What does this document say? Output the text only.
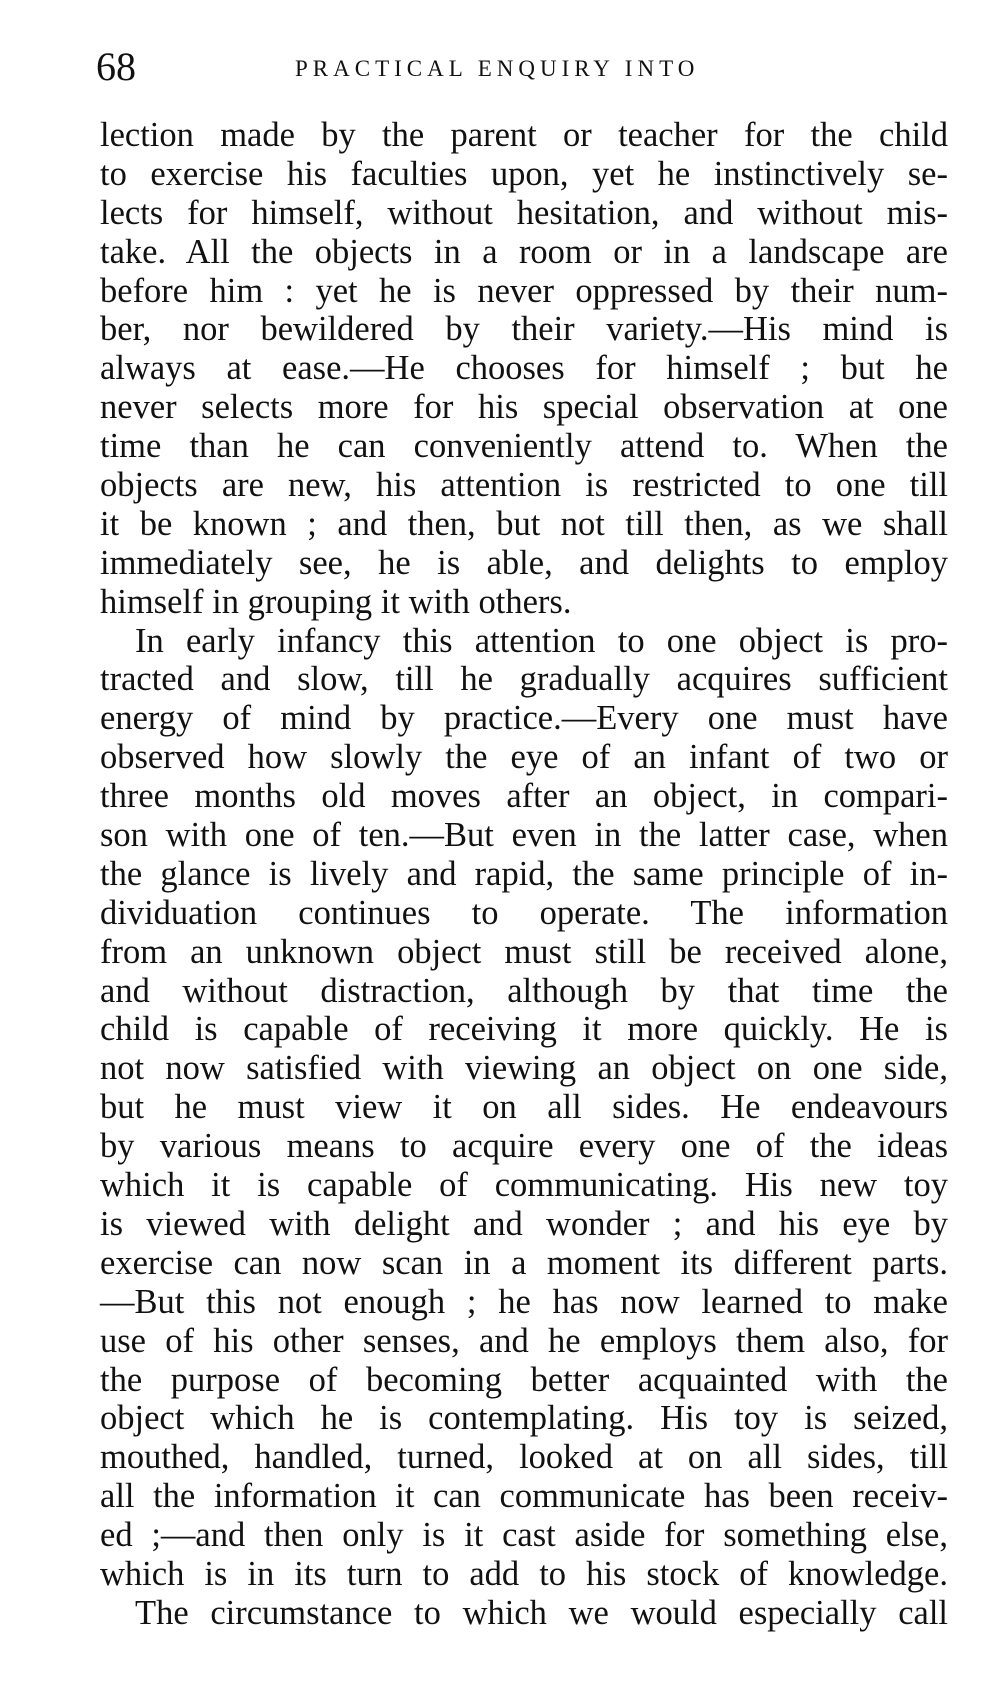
68	PRACTICAL ENQUIRY INTO
lection made by the parent or teacher for the child
to exercise his faculties upon, yet he instinctively se-
lects for himself, without hesitation, and without mis-
take. All the objects in a room or in a landscape are
before him : yet he is never oppressed by their num-
ber, nor bewildered by their variety.—His mind is
always at ease.—He chooses for himself ; but he
never selects more for his special observation at one
time than he can conveniently attend to. When the
objects are new, his attention is restricted to one till
it be known ; and then, but not till then, as we shall
immediately see, he is able, and delights to employ
himself in grouping it with others.
In early infancy this attention to one object is pro-
tracted and slow, till he gradually acquires sufficient
energy of mind by practice.—Every one must have
observed how slowly the eye of an infant of two or
three months old moves after an object, in compari-
son with one of ten.—But even in the latter case, when
the glance is lively and rapid, the same principle of in-
dividuation continues to operate. The information
from an unknown object must still be received alone,
and without distraction, although by that time the
child is capable of receiving it more quickly. He is
not now satisfied with viewing an object on one side,
but he must view it on all sides. He endeavours
by various means to acquire every one of the ideas
which it is capable of communicating. His new toy
is viewed with delight and wonder ; and his eye by
exercise can now scan in a moment its different parts.
—But this not enough ; he has now learned to make
use of his other senses, and he employs them also, for
the purpose of becoming better acquainted with the
object which he is contemplating. His toy is seized,
mouthed, handled, turned, looked at on all sides, till
all the information it can communicate has been receiv-
ed ;—and then only is it cast aside for something else,
which is in its turn to add to his stock of knowledge.
The circumstance to which we would especially call
